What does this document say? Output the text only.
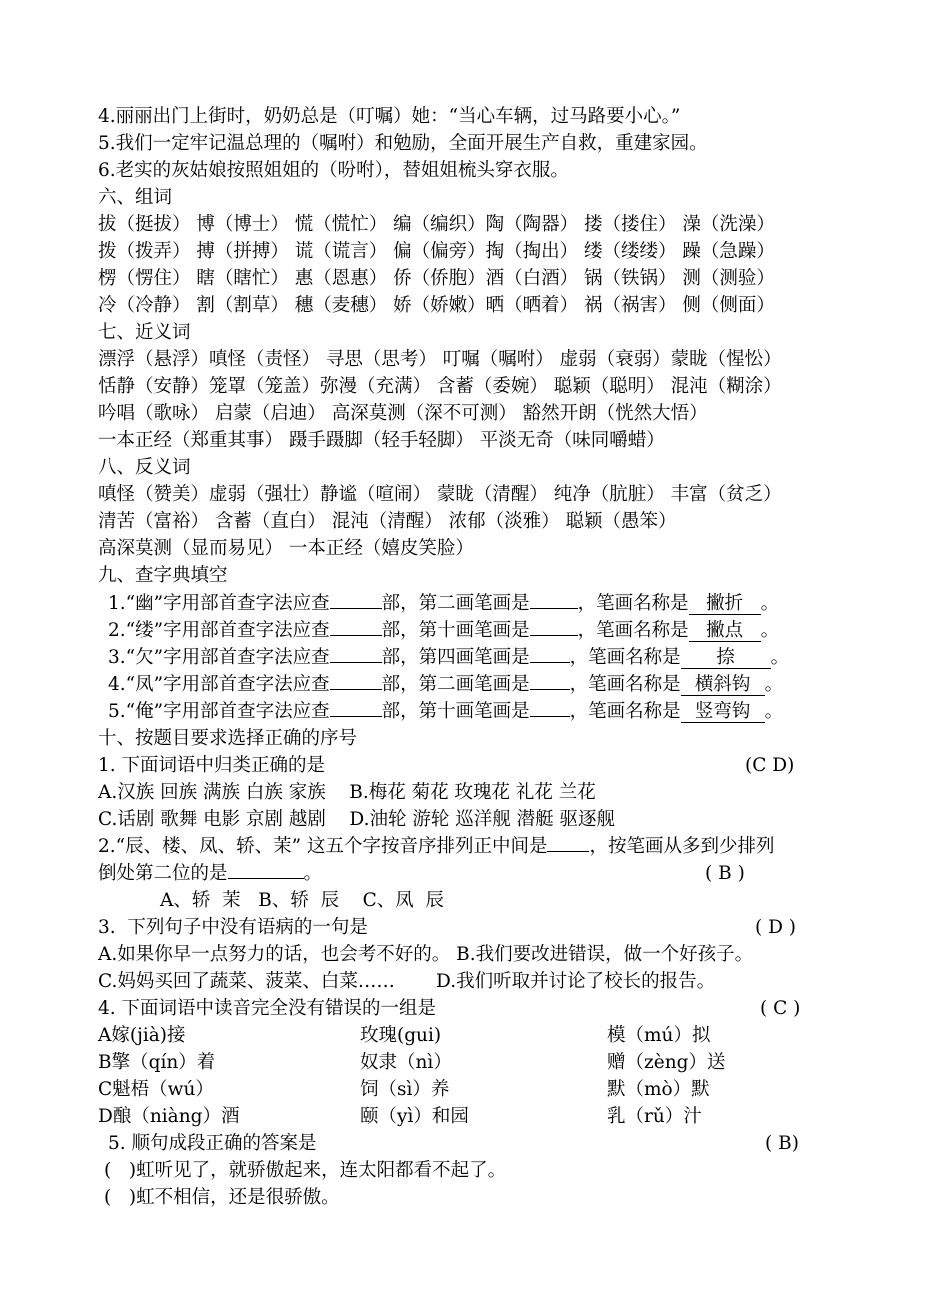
4.丽丽出门上街时，奶奶总是（叮嘱）她：“当心车辆，过马路要小心。”
5.我们一定牢记温总理的（嘱咐）和勉励，全面开展生产自救，重建家园。
6.老实的灰姑娘按照姐姐的（吩咐），替姐姐梳头穿衣服。
六、组词
拔（挺拔） 博（博士） 慌（慌忙） 编（编织）陶（陶器） 搂（搂住） 澡（洗澡）
拨（拨弄） 搏（拼搏） 谎（谎言） 偏（偏旁）掏（掏出） 缕（缕缕） 躁（急躁）
楞（愣住） 瞎（瞎忙） 惠（恩惠） 侨（侨胞）酒（白酒） 锅（铁锅） 测（测验）
冷（冷静） 割（割草） 穗（麦穗） 娇（娇嫩）晒（晒着） 祸（祸害） 侧（侧面）
七、近义词
漂浮（悬浮）嗔怪（责怪） 寻思（思考） 叮嘱（嘱咐） 虚弱（衰弱）蒙眬（惺忪）
恬静（安静）笼罩（笼盖）弥漫（充满） 含蓄（委婉） 聪颖（聪明） 混沌（糊涂）
吟唱（歌咏） 启蒙（启迪） 高深莫测（深不可测） 豁然开朗（恍然大悟）
一本正经（郑重其事） 蹑手蹑脚（轻手轻脚） 平淡无奇（味同嚼蜡）
八、反义词
嗔怪（赞美）虚弱（强壮）静谧（喧闹） 蒙眬（清醒） 纯净（肮脏） 丰富（贫乏）
清苦（富裕） 含蓄（直白） 混沌（清醒） 浓郁（淡雅） 聪颖（愚笨）
高深莫测（显而易见） 一本正经（嬉皮笑脸）
九、查字典填空
1.“幽”字用部首查字法应查	部，第二画笔画是	，笔画名称是 撇折 。
2.“缕”字用部首查字法应查	部，第十画笔画是	，笔画名称是 撇点 。
3.“欠”字用部首查字法应查	部，第四画笔画是 ，笔画名称是 捺 。
4.“凤”字用部首查字法应查	部，第二画笔画是 ，笔画名称是 横斜钩 。
5.“俺”字用部首查字法应查	部，第十画笔画是 ，笔画名称是 竖弯钩 。
十、按题目要求选择正确的序号
1. 下面词语中归类正确的是	(C D)
A.汉族 回族 满族 白族 家族    B.梅花 菊花 玫瑰花 礼花 兰花
C.话剧 歌舞 电影 京剧 越剧    D.油轮 游轮 巡洋舰 潜艇 驱逐舰
2.“辰、楼、凤、轿、茉” 这五个字按音序排列正中间是 ，按笔画从多到少排列
倒处第二位的是	。	( B )
A、轿  茉   B、轿  辰    C、凤  辰
3.  下列句子中没有语病的一句是	( D )
A.如果你早一点努力的话，也会考不好的。 B.我们要改进错误，做一个好孩子。
C.妈妈买回了蔬菜、菠菜、白菜……       D.我们听取并讨论了校长的报告。
4. 下面词语中读音完全没有错误的一组是	( C )
A嫁(jià)接	玫瑰(gui)	模（mú）拟
B擎（qín）着	奴隶（nì）	赠（zèng）送
C魁梧（wú）	饲（sì）养	默（mò）默
D酿（niàng）酒	颐（yì）和园	乳（rǔ）汁
5. 顺句成段正确的答案是	( B)
(   )虹听见了，就骄傲起来，连太阳都看不起了。
(   )虹不相信，还是很骄傲。
